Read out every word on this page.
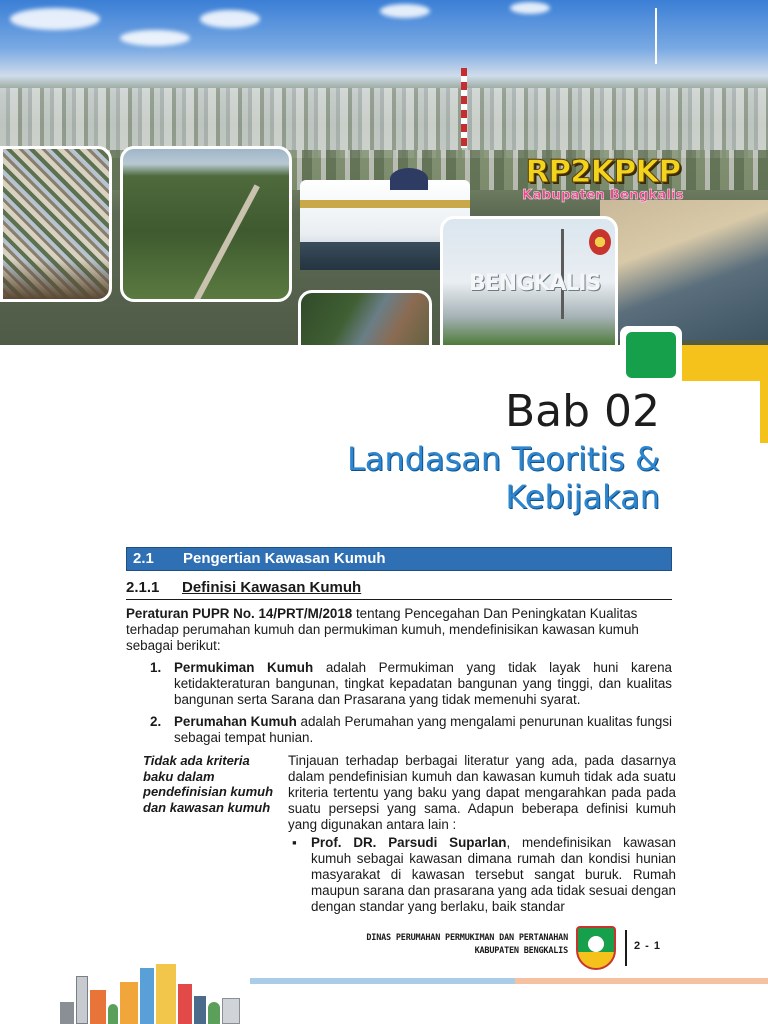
BENGKALIS
RP2KPKP
Kabupaten Bengkalis
Bab 02
Landasan Teoritis &
Kebijakan
2.1 Pengertian Kawasan Kumuh
2.1.1 Definisi Kawasan Kumuh

Peraturan PUPR No. 14/PRT/M/2018 tentang Pencegahan Dan Peningkatan Kualitas terhadap perumahan kumuh dan permukiman kumuh, mendefinisikan kawasan kumuh sebagai berikut:

1. Permukiman Kumuh adalah Permukiman yang tidak layak huni karena ketidakteraturan bangunan, tingkat kepadatan bangunan yang tinggi, dan kualitas bangunan serta Sarana dan Prasarana yang tidak memenuhi syarat.
2. Perumahan Kumuh adalah Perumahan yang mengalami penurunan kualitas fungsi sebagai tempat hunian.
Tidak ada kriteria baku dalam pendefinisian kumuh dan kawasan kumuh

Tinjauan terhadap berbagai literatur yang ada, pada dasarnya dalam pendefinisian kumuh dan kawasan kumuh tidak ada suatu kriteria tertentu yang baku yang dapat mengarahkan pada pada suatu persepsi yang sama. Adapun beberapa definisi kumuh yang digunakan antara lain :

▪ Prof. DR. Parsudi Suparlan, mendefinisikan kawasan kumuh sebagai kawasan dimana rumah dan kondisi hunian masyarakat di kawasan tersebut sangat buruk. Rumah maupun sarana dan prasarana yang ada tidak sesuai dengan dengan standar yang berlaku, baik standar
DINAS PERUMAHAN PERMUKIMAN DAN PERTANAHAN
KABUPATEN BENGKALIS	2 - 1
